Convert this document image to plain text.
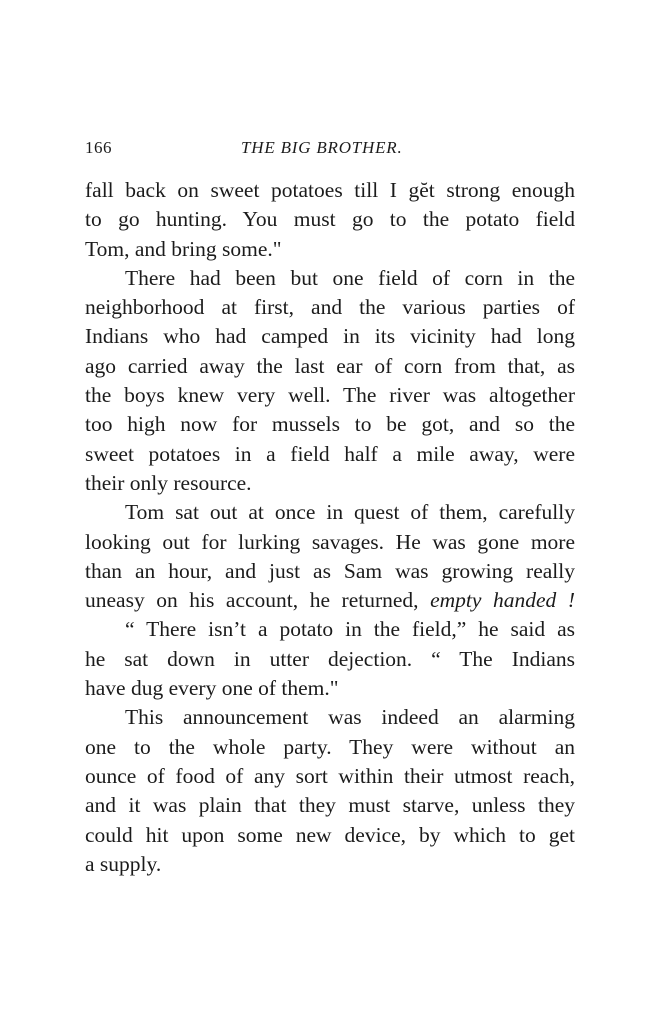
166	THE BIG BROTHER.
fall back on sweet potatoes till I gĕt strong enough
to go hunting. You must go to the potato field
Tom, and bring some."
There had been but one field of corn in the
neighborhood at first, and the various parties of
Indians who had camped in its vicinity had long
ago carried away the last ear of corn from that, as
the boys knew very well. The river was altogether
too high now for mussels to be got, and so the
sweet potatoes in a field half a mile away, were
their only resource.
Tom sat out at once in quest of them, carefully
looking out for lurking savages. He was gone more
than an hour, and just as Sam was growing really
uneasy on his account, he returned, empty handed !
“ There isn’t a potato in the field,” he said as
he sat down in utter dejection. “ The Indians
have dug every one of them."
This announcement was indeed an alarming
one to the whole party. They were without an
ounce of food of any sort within their utmost reach,
and it was plain that they must starve, unless they
could hit upon some new device, by which to get
a supply.
